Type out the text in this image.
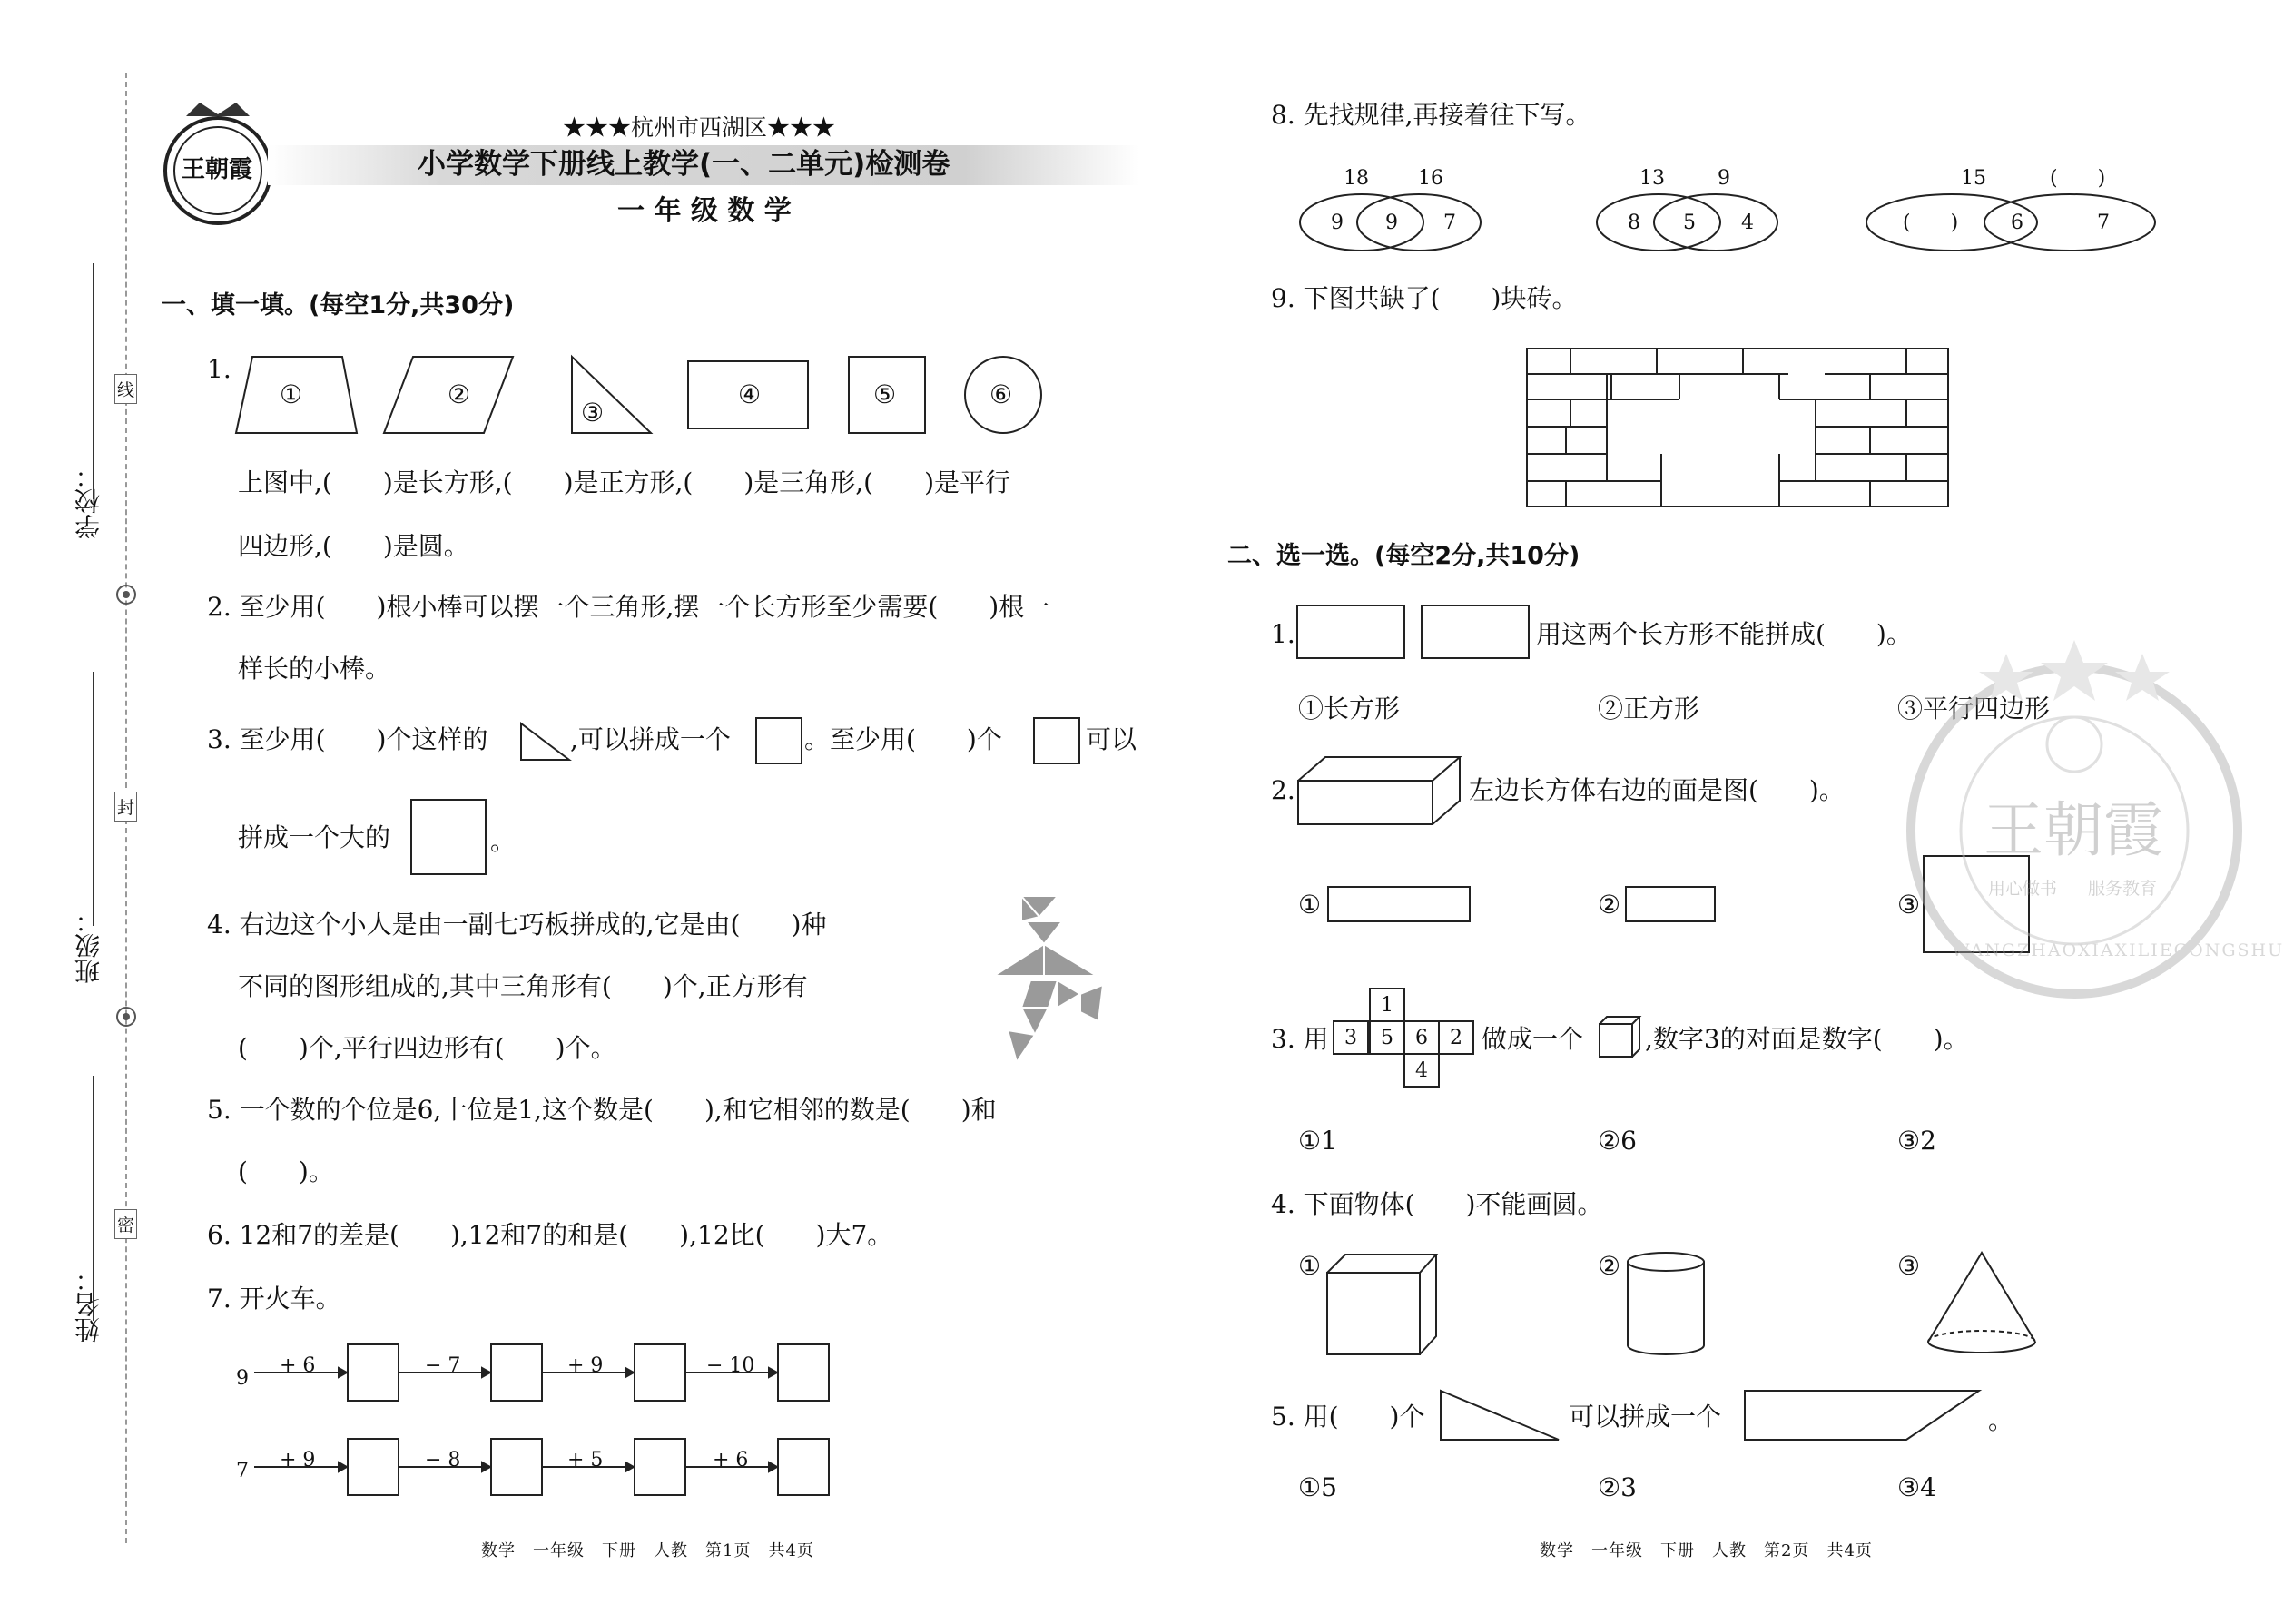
学校：
班级：
姓名：
线
封
密
王朝霞
★★★杭州市西湖区★★★
小学数学下册线上教学(一、二单元)检测卷
一 年 级 数 学
一、填一填。(每空1分,共30分)
1.
①	②
③
④	⑤	⑥
上图中,(　　)是长方形,(　　)是正方形,(　　)是三角形,(　　)是平行
四边形,(　　)是圆。
2. 至少用(　　)根小棒可以摆一个三角形,摆一个长方形至少需要(　　)根一
样长的小棒。
3. 至少用(　　)个这样的	,可以拼成一个	。至少用(　　)个	可以
拼成一个大的	。
4. 右边这个小人是由一副七巧板拼成的,它是由(　　)种
不同的图形组成的,其中三角形有(　　)个,正方形有
(　　)个,平行四边形有(　　)个。
5. 一个数的个位是6,十位是1,这个数是(　　),和它相邻的数是(　　)和
(　　)。
6. 12和7的差是(　　),12和7的和是(　　),12比(　　)大7。
7. 开火车。
9
+ 6	− 7	+ 9	− 10
7 + 9	− 8	+ 5	+ 6
数学　一年级　下册　人教　第1页　共4页
8. 先找规律,再接着往下写。
18 16
9 9 7
13	9
8 5 4
15	(　　)
(　　)	6	7
9. 下图共缺了(　　)块砖。
二、选一选。(每空2分,共10分)
1.	用这两个长方形不能拼成(　　)。
①长方形	②正方形	③平行四边形
2.	左边长方体右边的面是图(　　)。
①	②	③
3. 用
1
3	5	6	2
4
做成一个 ,数字3的对面是数字(　　)。
①1	②6	③2
4. 下面物体(　　)不能画圆。
①	②	③
5. 用(　　)个	可以拼成一个	。
①5	②3	③4
数学　一年级　下册　人教　第2页　共4页
王朝霞
用心做书 服务教育
WANGZHAOXIAXILIECONGSHU
